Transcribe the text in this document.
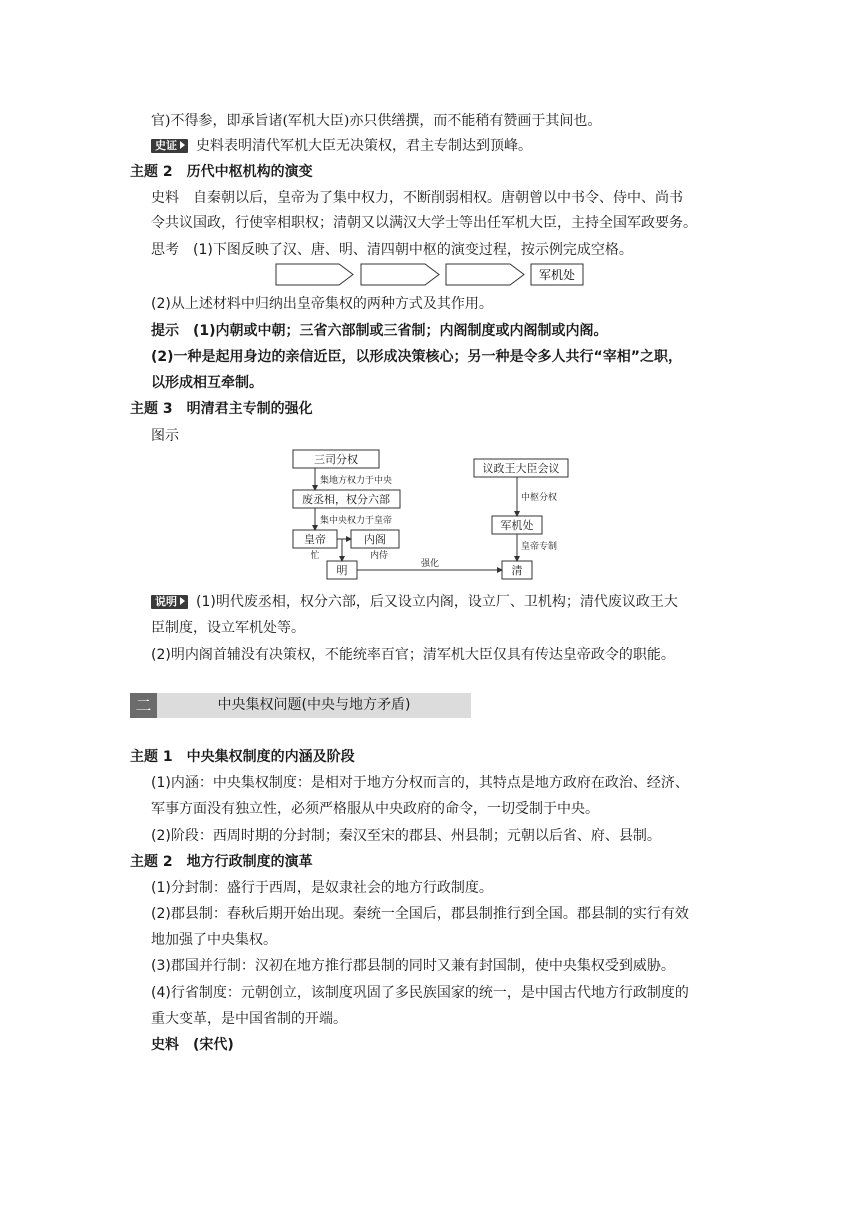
官)不得参，即承旨诸(军机大臣)亦只供缮撰，而不能稍有赞画于其间也。
史证 史料表明清代军机大臣无决策权，君主专制达到顶峰。
主题 2　历代中枢机构的演变
史料　自秦朝以后，皇帝为了集中权力，不断削弱相权。唐朝曾以中书令、侍中、尚书
令共议国政，行使宰相职权；清朝又以满汉大学士等出任军机大臣，主持全国军政要务。
思考　(1)下图反映了汉、唐、明、清四朝中枢的演变过程，按示例完成空格。
军机处
(2)从上述材料中归纳出皇帝集权的两种方式及其作用。
提示　(1)内朝或中朝；三省六部制或三省制；内阁制度或内阁制或内阁。
(2)一种是起用身边的亲信近臣，以形成决策核心；另一种是令多人共行“宰相”之职，
以形成相互牵制。
主题 3　明清君主专制的强化
图示
三司分权
集地方权力于中央
废丞相，权分六部
集中央权力于皇帝
皇帝
忙
内阁
内侍
明	强化	清
议政王大臣会议
中枢分权
军机处
皇帝专制
说明 (1)明代废丞相，权分六部，后又设立内阁，设立厂、卫机构；清代废议政王大
臣制度，设立军机处等。
(2)明内阁首辅没有决策权，不能统率百官；清军机大臣仅具有传达皇帝政令的职能。
二	中央集权问题(中央与地方矛盾)
主题 1　中央集权制度的内涵及阶段
(1)内涵：中央集权制度：是相对于地方分权而言的，其特点是地方政府在政治、经济、
军事方面没有独立性，必须严格服从中央政府的命令，一切受制于中央。
(2)阶段：西周时期的分封制；秦汉至宋的郡县、州县制；元朝以后省、府、县制。
主题 2　地方行政制度的演革
(1)分封制：盛行于西周，是奴隶社会的地方行政制度。
(2)郡县制：春秋后期开始出现。秦统一全国后，郡县制推行到全国。郡县制的实行有效
地加强了中央集权。
(3)郡国并行制：汉初在地方推行郡县制的同时又兼有封国制，使中央集权受到威胁。
(4)行省制度：元朝创立，该制度巩固了多民族国家的统一，是中国古代地方行政制度的
重大变革，是中国省制的开端。
史料　(宋代)
